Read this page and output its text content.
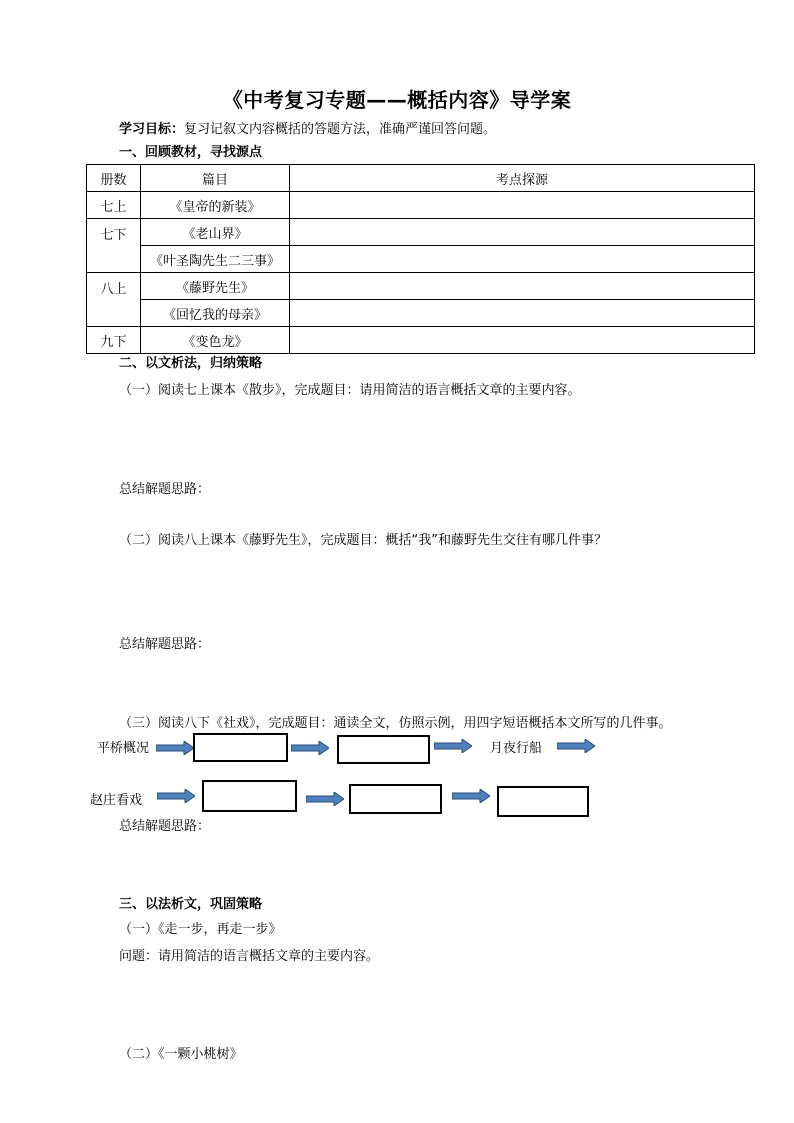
《中考复习专题——概括内容》导学案
学习目标：复习记叙文内容概括的答题方法，准确严谨回答问题。
一、回顾教材，寻找源点
册数	篇目	考点探源
七上	《皇帝的新装》	
七下	《老山界》	
	《叶圣陶先生二三事》	
八上	《藤野先生》	
	《回忆我的母亲》	
九下	《变色龙》	
二、以文析法，归纳策略
（一）阅读七上课本《散步》，完成题目：请用简洁的语言概括文章的主要内容。
总结解题思路：
（二）阅读八上课本《藤野先生》，完成题目：概括“我”和藤野先生交往有哪几件事？
总结解题思路：
（三）阅读八下《社戏》，完成题目：通读全文，仿照示例，用四字短语概括本文所写的几件事。
平桥概况	月夜行船
赵庄看戏
总结解题思路：
三、以法析文，巩固策略
（一）《走一步，再走一步》
问题：请用简洁的语言概括文章的主要内容。
（二）《一颗小桃树》
